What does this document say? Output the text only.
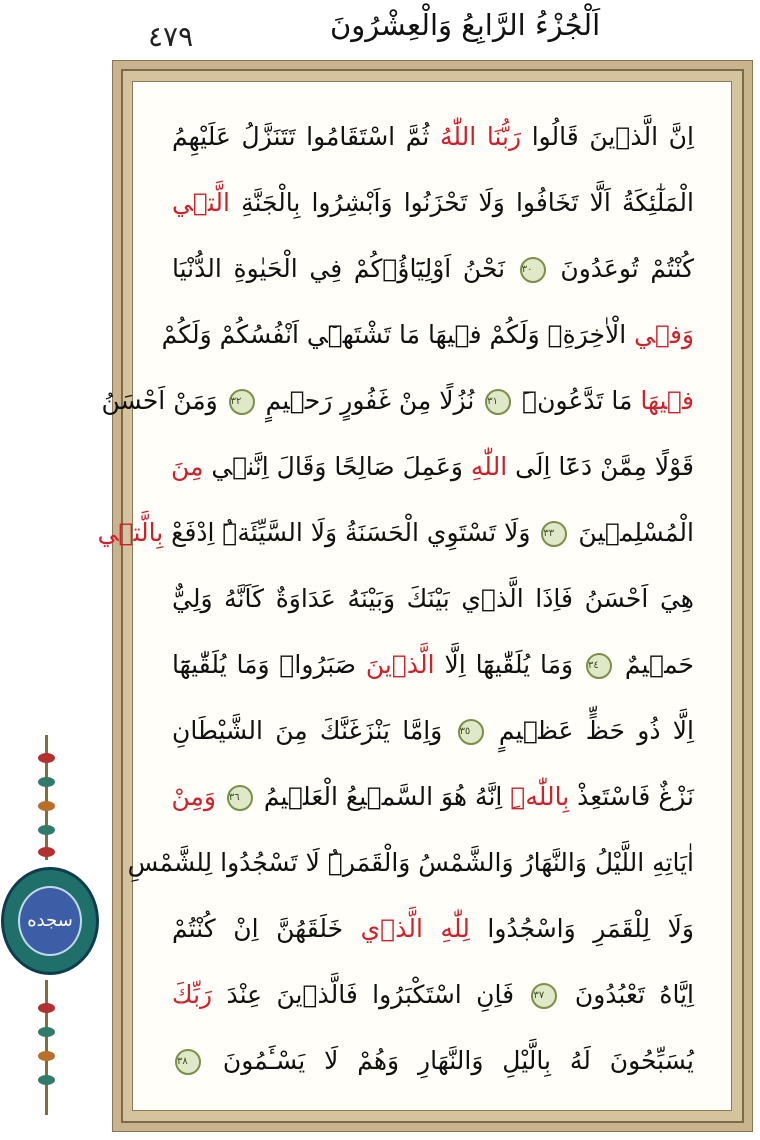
٤٧٩	اَلْجُزْءُ الرَّابِعُ وَالْعِشْرُونَ
اِنَّ الَّذ۪ينَ قَالُوا رَبُّنَا اللّٰهُ ثُمَّ اسْتَقَامُوا تَتَنَزَّلُ عَلَيْهِمُ
الْمَلٰٓئِكَةُ اَلَّا تَخَافُوا وَلَا تَحْزَنُوا وَاَبْشِرُوا بِالْجَنَّةِ الَّت۪ي
كُنْتُمْ تُوعَدُونَ ٣٠ نَحْنُ اَوْلِيَٓاؤُ۬كُمْ فِي الْحَيٰوةِ الدُّنْيَا
وَف۪ي الْاٰخِرَةِۚ وَلَكُمْ ف۪يهَا مَا تَشْتَه۪ٓي اَنْفُسُكُمْ وَلَكُمْ
ف۪يهَا مَا تَدَّعُونَۜ ٣١ نُزُلًا مِنْ غَفُورٍ رَح۪يمٍ ٣٢ وَمَنْ اَحْسَنُ
قَوْلًا مِمَّنْ دَعَٓا اِلَى اللّٰهِ وَعَمِلَ صَالِحًا وَقَالَ اِنَّن۪ي مِنَ
الْمُسْلِم۪ينَ ٣٣ وَلَا تَسْتَوِي الْحَسَنَةُ وَلَا السَّيِّئَةُۜ اِدْفَعْ بِالَّت۪ي
هِيَ اَحْسَنُ فَاِذَا الَّذ۪ي بَيْنَكَ وَبَيْنَهُ عَدَاوَةٌ كَاَنَّهُ وَلِيٌّ
حَم۪يمٌ ٣٤ وَمَا يُلَقّٰيهَٓا اِلَّا الَّذ۪ينَ صَبَرُواۚ وَمَا يُلَقّٰيهَٓا
اِلَّا ذُو حَظٍّ عَظ۪يمٍ ٣٥ وَاِمَّا يَنْزَغَنَّكَ مِنَ الشَّيْطَانِ
نَزْغٌ فَاسْتَعِذْ بِاللّٰهِۜ اِنَّهُ هُوَ السَّم۪يعُ الْعَل۪يمُ ٣٦ وَمِنْ
اٰيَاتِهِ اللَّيْلُ وَالنَّهَارُ وَالشَّمْسُ وَالْقَمَرُۜ لَا تَسْجُدُوا لِلشَّمْسِ
وَلَا لِلْقَمَرِ وَاسْجُدُوا لِلّٰهِ الَّذ۪ي خَلَقَهُنَّ اِنْ كُنْتُمْ
اِيَّاهُ تَعْبُدُونَ ٣٧ فَاِنِ اسْتَكْبَرُوا فَالَّذ۪ينَ عِنْدَ رَبِّكَ
يُسَبِّحُونَ لَهُ بِالَّيْلِ وَالنَّهَارِ وَهُمْ لَا يَسْـَٔمُونَ ٣٨
سجده
